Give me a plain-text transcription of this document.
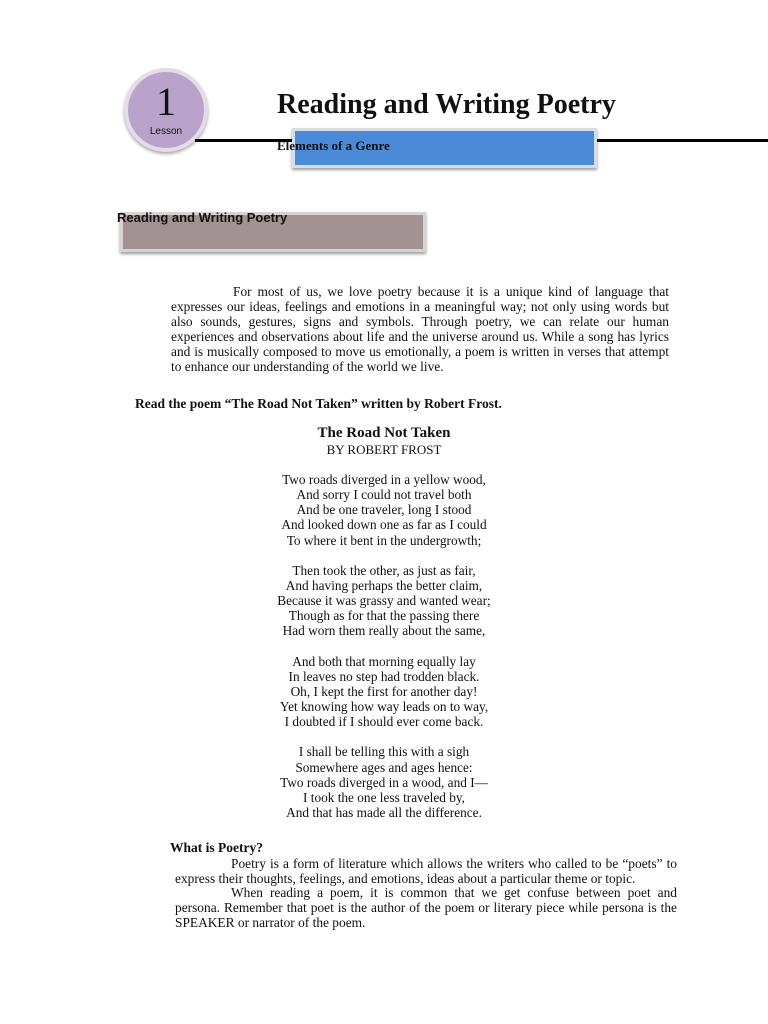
1
Lesson
Reading and Writing Poetry
Elements of a Genre
Reading and Writing Poetry

For most of us, we love poetry because it is a unique kind of language that expresses our ideas, feelings and emotions in a meaningful way; not only using words but also sounds, gestures, signs and symbols. Through poetry, we can relate our human experiences and observations about life and the universe around us. While a song has lyrics and is musically composed to move us emotionally, a poem is written in verses that attempt to enhance our understanding of the world we live.

Read the poem “The Road Not Taken” written by Robert Frost.

The Road Not Taken
BY ROBERT FROST
Two roads diverged in a yellow wood,
And sorry I could not travel both
And be one traveler, long I stood
And looked down one as far as I could
To where it bent in the undergrowth;
Then took the other, as just as fair,
And having perhaps the better claim,
Because it was grassy and wanted wear;
Though as for that the passing there
Had worn them really about the same,
And both that morning equally lay
In leaves no step had trodden black.
Oh, I kept the first for another day!
Yet knowing how way leads on to way,
I doubted if I should ever come back.
I shall be telling this with a sigh
Somewhere ages and ages hence:
Two roads diverged in a wood, and I—
I took the one less traveled by,
And that has made all the difference.

What is Poetry?

Poetry is a form of literature which allows the writers who called to be “poets” to express their thoughts, feelings, and emotions, ideas about a particular theme or topic.

When reading a poem, it is common that we get confuse between poet and persona. Remember that poet is the author of the poem or literary piece while persona is the SPEAKER or narrator of the poem.
